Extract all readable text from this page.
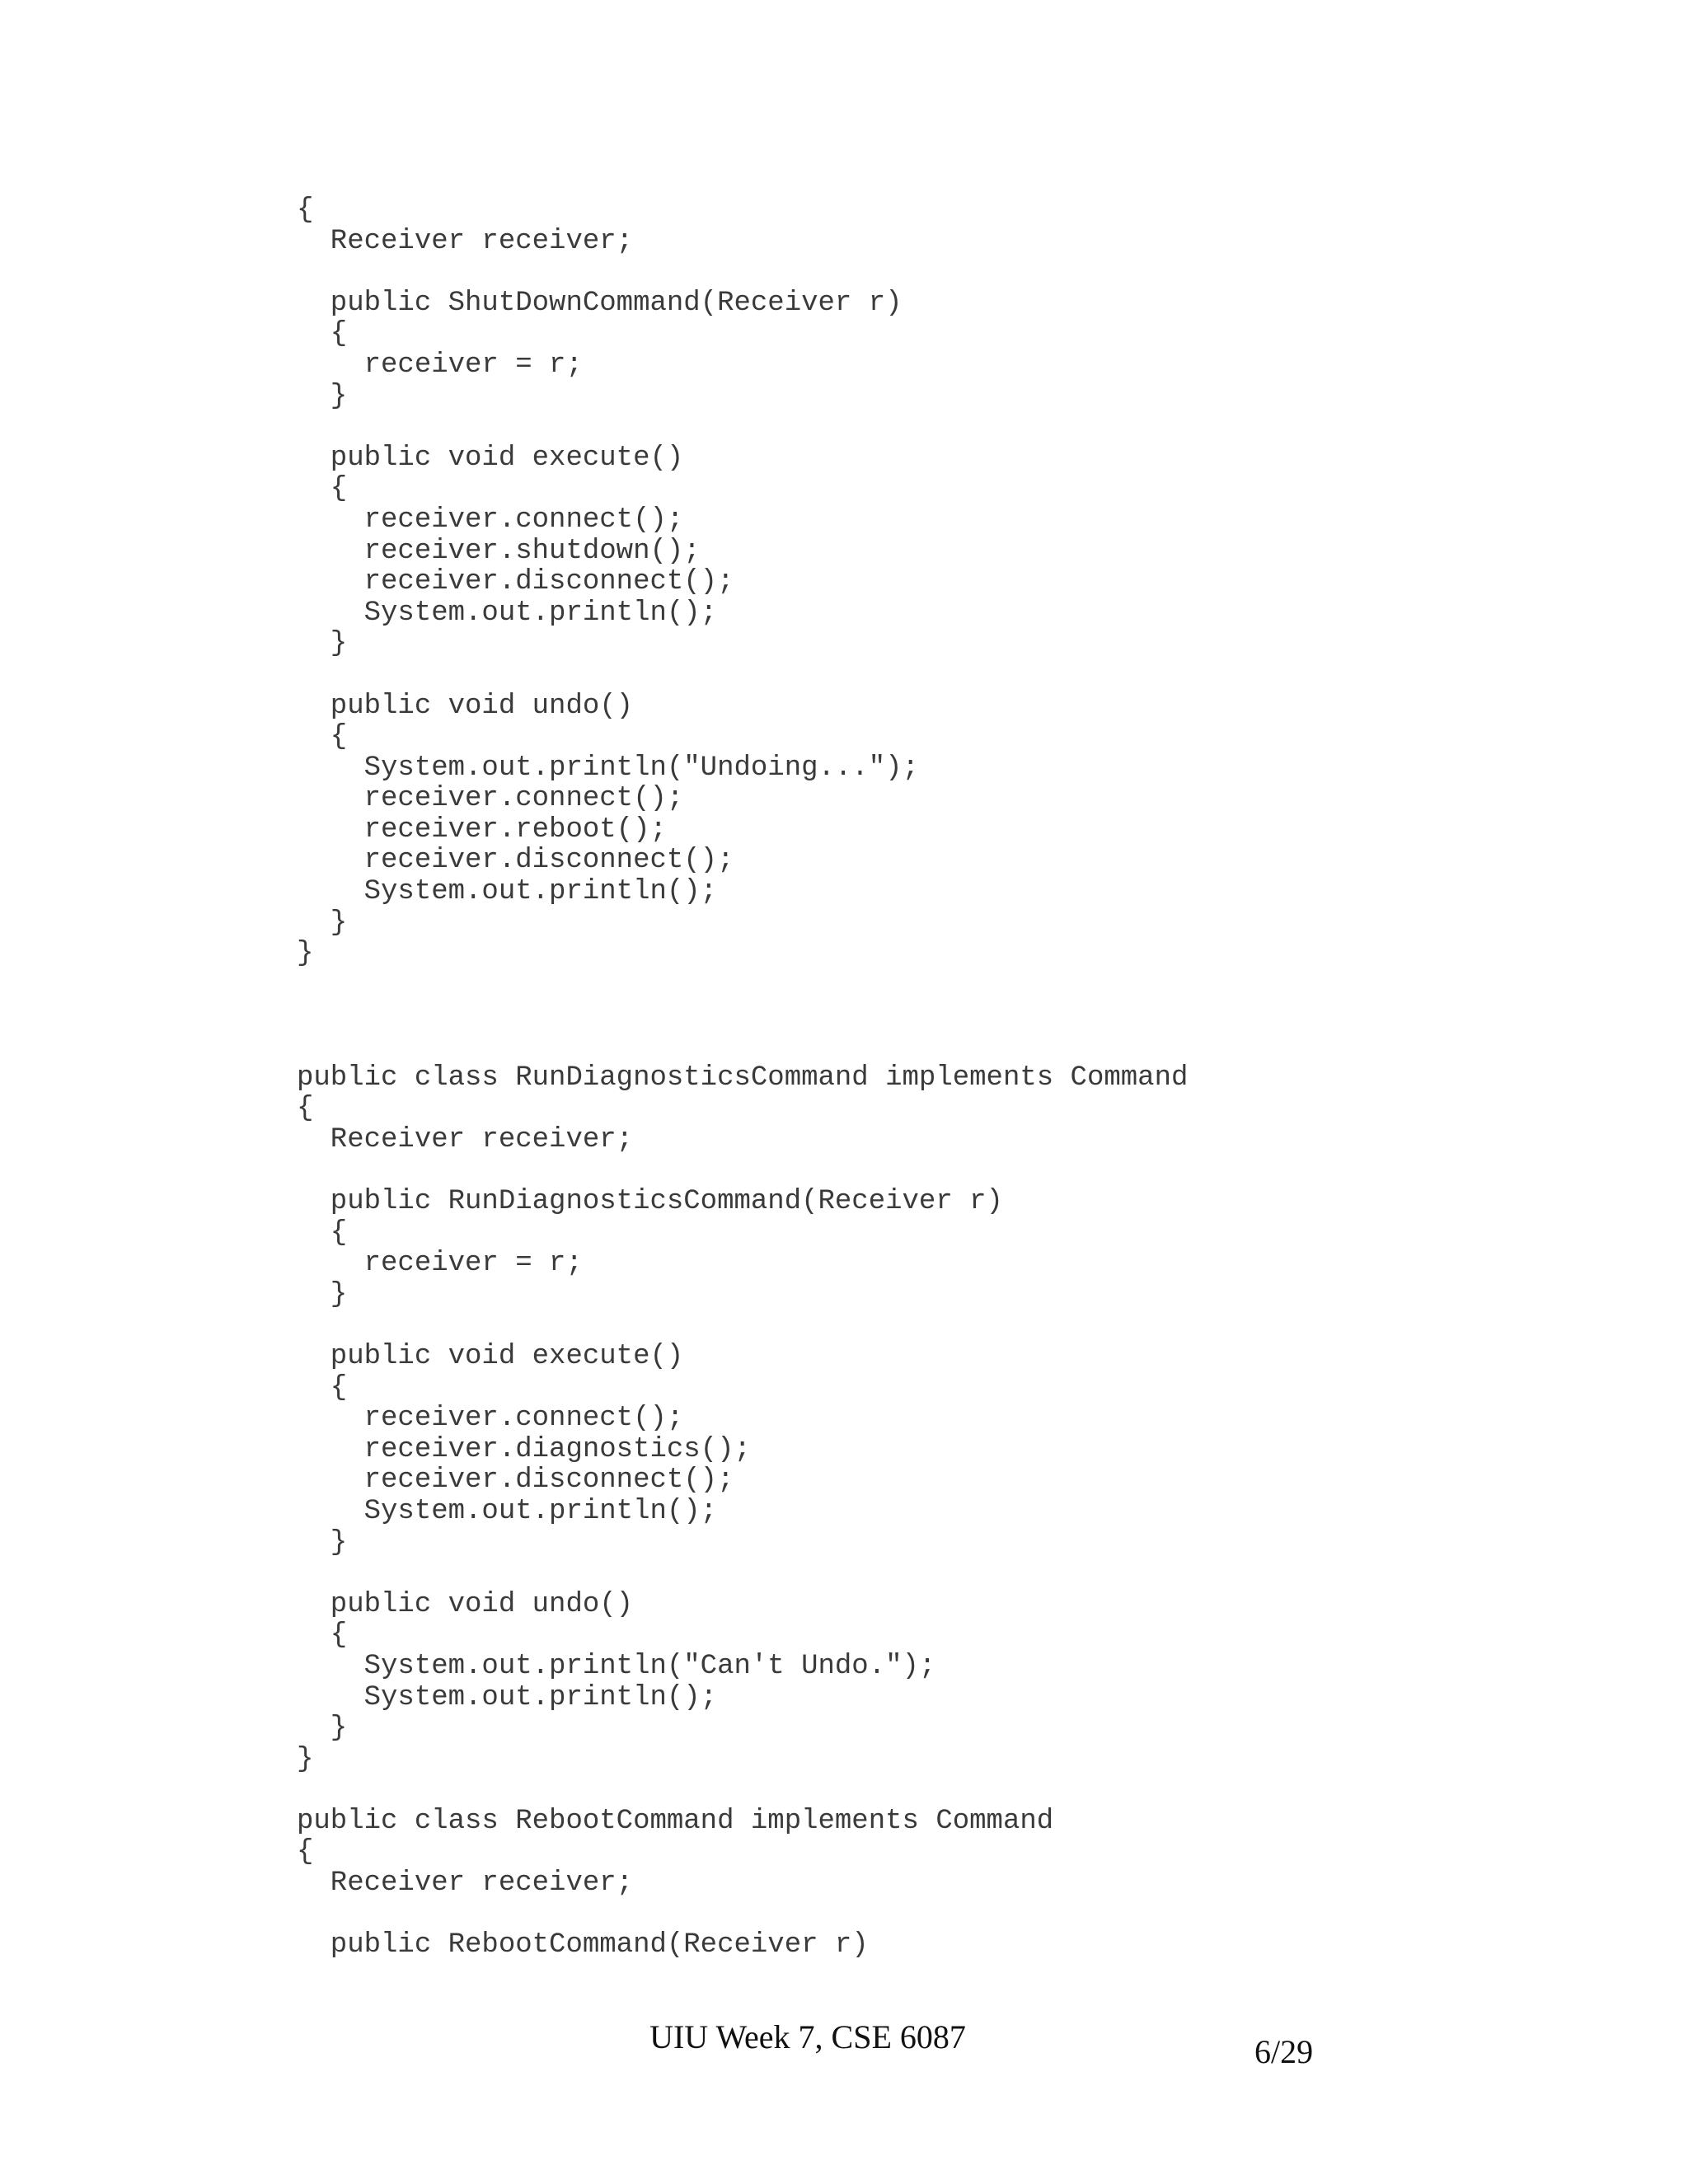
{
Receiver receiver;
public ShutDownCommand(Receiver r)
{
receiver = r;
}
public void execute()
{
receiver.connect();
receiver.shutdown();
receiver.disconnect();
System.out.println();
}
public void undo()
{
System.out.println("Undoing...");
receiver.connect();
receiver.reboot();
receiver.disconnect();
System.out.println();
}
}
public class RunDiagnosticsCommand implements Command
{
Receiver receiver;
public RunDiagnosticsCommand(Receiver r)
{
receiver = r;
}
public void execute()
{
receiver.connect();
receiver.diagnostics();
receiver.disconnect();
System.out.println();
}
public void undo()
{
System.out.println("Can't Undo.");
System.out.println();
}
}
public class RebootCommand implements Command
{
Receiver receiver;
public RebootCommand(Receiver r)
UIU Week 7, CSE 6087	6/29
